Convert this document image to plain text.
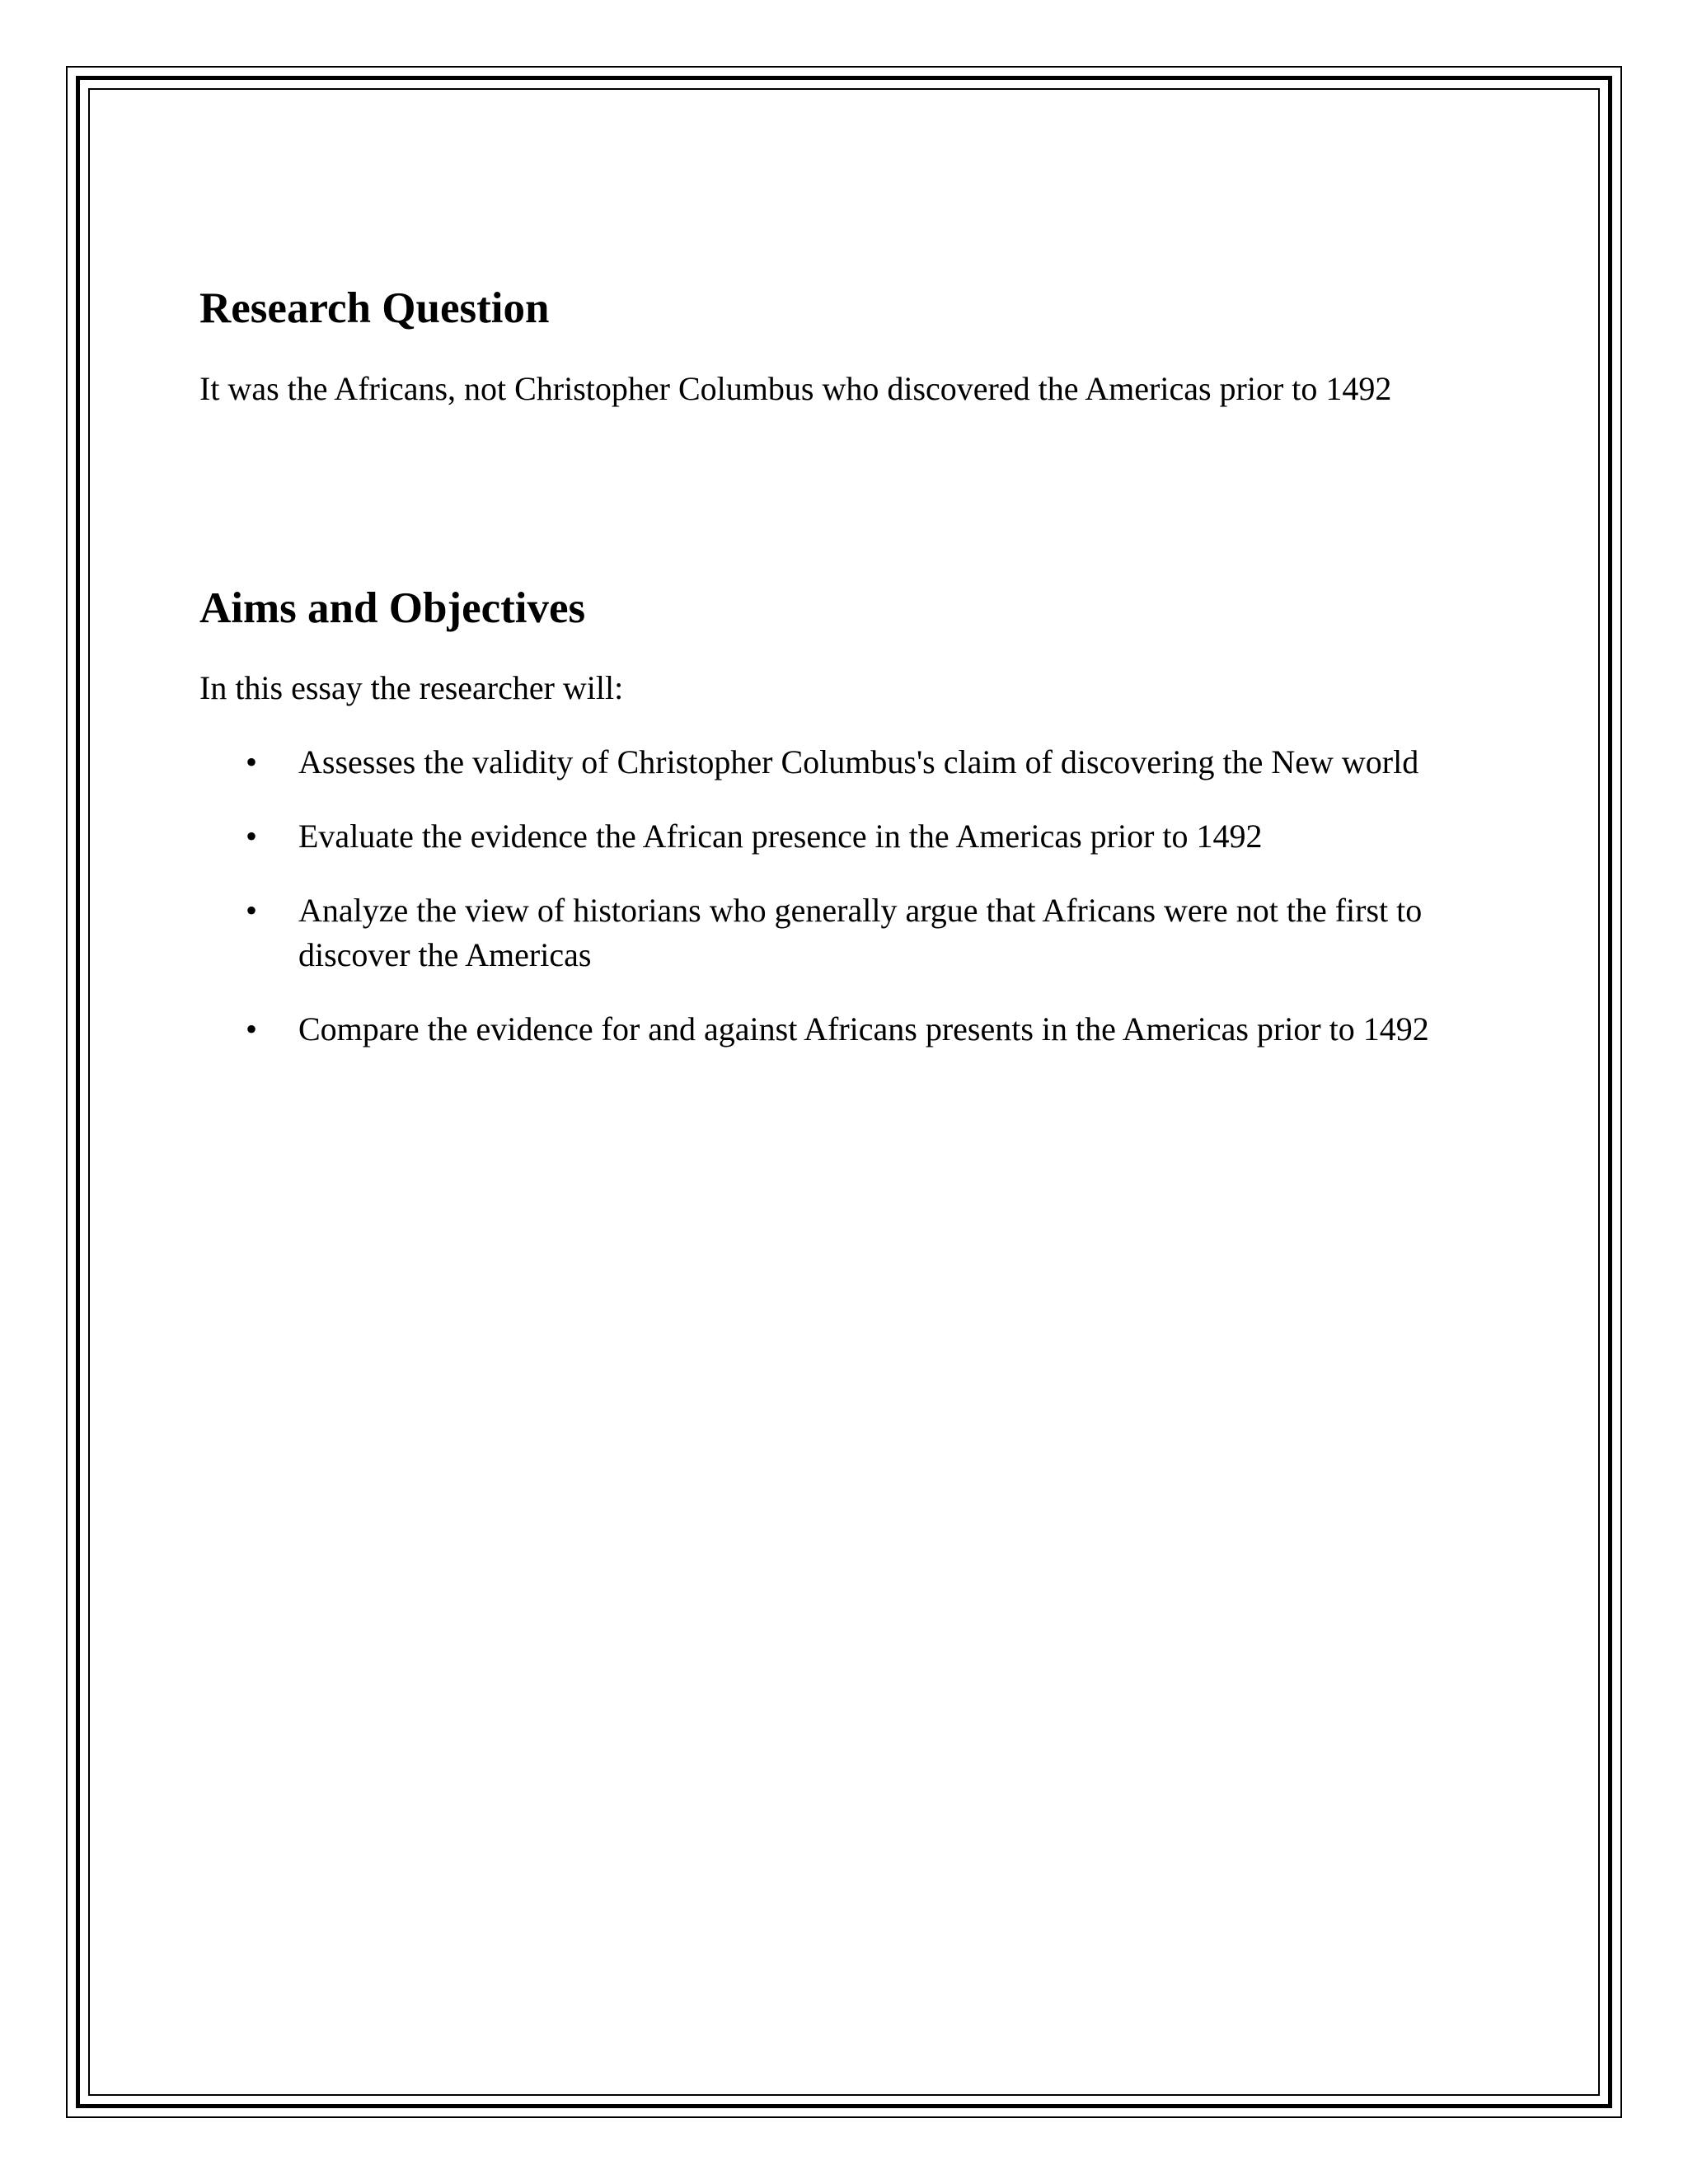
Research Question

It was the Africans, not Christopher Columbus who discovered the Americas prior to 1492

Aims and Objectives

In this essay the researcher will:

• Assesses the validity of Christopher Columbus's claim of discovering the New world
• Evaluate the evidence the African presence in the Americas prior to 1492
• Analyze the view of historians who generally argue that Africans were not the first to discover the Americas
• Compare the evidence for and against Africans presents in the Americas prior to 1492
